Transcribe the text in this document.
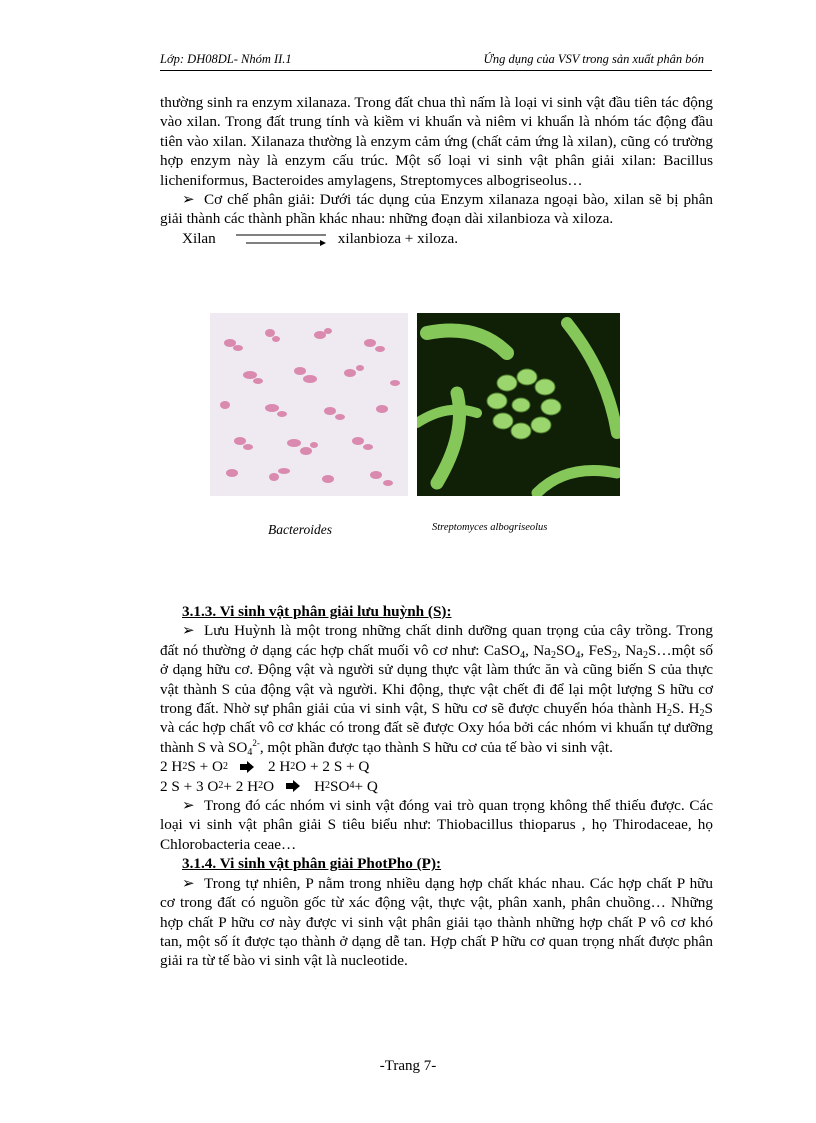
Lớp: DH08DL- Nhóm II.1	Ứng dụng của VSV trong sản xuất phân bón

thường sinh ra enzym xilanaza. Trong đất chua thì nấm là loại vi sinh vật đầu tiên tác động vào xilan. Trong đất trung tính và kiềm vi khuẩn và niêm vi khuẩn là nhóm tác động đầu tiên vào xilan. Xilanaza thường là enzym cảm ứng (chất cảm ứng là xilan), cũng có trường hợp enzym này là enzym cấu trúc. Một số loại vi sinh vật phân giải xilan: Bacillus licheniformus, Bacteroides amylagens, Streptomyces albogriseolus…

➢ Cơ chế phân giải: Dưới tác dụng của Enzym xilanaza ngoại bào, xilan sẽ bị phân giải thành các thành phần khác nhau: những đoạn dài xilanbioza và xiloza.

Xilan	xilanbioza + xiloza.

Bacteroides	Streptomyces albogriseolus

3.1.3. Vi sinh vật phân giải lưu huỳnh (S):

➢ Lưu Huỳnh là một trong những chất dinh dưỡng quan trọng của cây trồng. Trong đất nó thường ở dạng các hợp chất muối vô cơ như: CaSO$_4$, $Na_2SO_4$, FeS$_2$, $Na_2S\dots một$ số ở dạng hữu cơ. Động vật và người sử dụng thực vật làm thức ăn và cũng biến S của thực vật thành S của động vật và người. Khi động, thực vật chết đi để lại một lượng S hữu cơ trong đất. Nhờ sự phân giải của vi sinh vật, S hữu cơ sẽ được chuyển hóa thành $H_2S$. $H_2S$ và các hợp chất vô cơ khác có trong đất sẽ được Oxy hóa bởi các nhóm vi khuẩn tự dưỡng thành S và $SO_4^{2-}$, một phần được tạo thành S hữu cơ của tế bào vi sinh vật.

2 H 2 S + O 2	2 H 2 O + 2 S + Q

2 S + 3 O 2 + 2 H 2 O	H 2 SO 4 + Q

➢ Trong đó các nhóm vi sinh vật đóng vai trò quan trọng không thể thiếu được. Các loại vi sinh vật phân giải S tiêu biểu như: Thiobacillus thioparus , họ Thirodaceae, họ Chlorobacteria ceae…

3.1.4. Vi sinh vật phân giải PhotPho (P):

➢ Trong tự nhiên, P nằm trong nhiều dạng hợp chất khác nhau. Các hợp chất P hữu cơ trong đất có nguồn gốc từ xác động vật, thực vật, phân xanh, phân chuồng… Những hợp chất P hữu cơ này được vi sinh vật phân giải tạo thành những hợp chất P vô cơ khó tan, một số ít được tạo thành ở dạng dễ tan. Hợp chất P hữu cơ quan trọng nhất được phân giải ra từ tế bào vi sinh vật là nucleotide.

-Trang 7-
